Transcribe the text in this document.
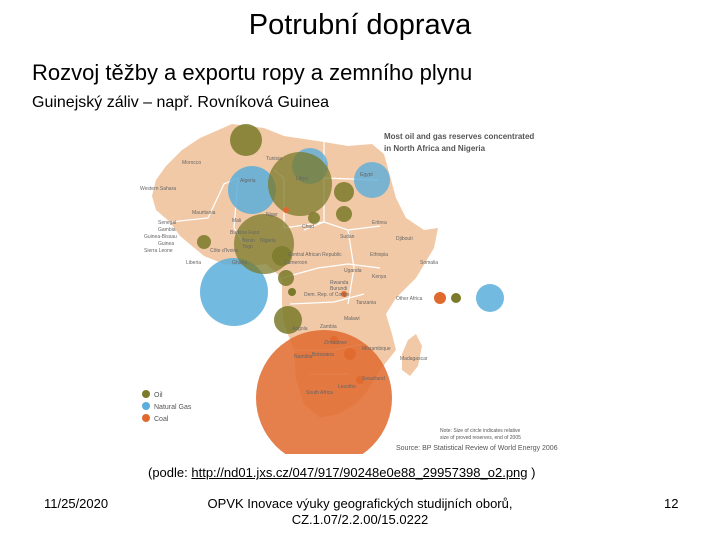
Potrubní doprava
Rozvoj těžby a exportu ropy a zemního plynu
Guinejský záliv – např. Rovníková Guinea
Most oil and gas reserves concentrated
in North Africa and Nigeria
Morocco
Tunisia
Algeria	Libya
Egypt
Western Sahara
Mauritania
Mali
Niger
Chad
Sudan
Senegal
Gambia
Guinea-Bissau
Guinea
Sierra Leone
Liberia
Burkina Faso
Benin
Togo
Côte d'Ivoire
Ghana
Nigeria
Cameroon
Central African Republic
Eritrea
Djibouti
Ethiopia
Somalia
Uganda
Kenya
Rwanda
Burundi
Dem. Rep. of Congo
Tanzania
Angola Zambia
Malawi
Mozambique
Zimbabwe
Namibia Botswana
Madagascar
Swaziland
Lesotho
South Africa
Other Africa
Oil
Natural Gas
Coal
Note: Size of circle indicates relative
size of proved reserves, end of 2005
Source: BP Statistical Review of World Energy 2006
(podle: http://nd01.jxs.cz/047/917/90248e0e88_29957398_o2.png )
11/25/2020	OPVK Inovace výuky geografických studijních oborů,
CZ.1.07/2.2.00/15.0222
12
